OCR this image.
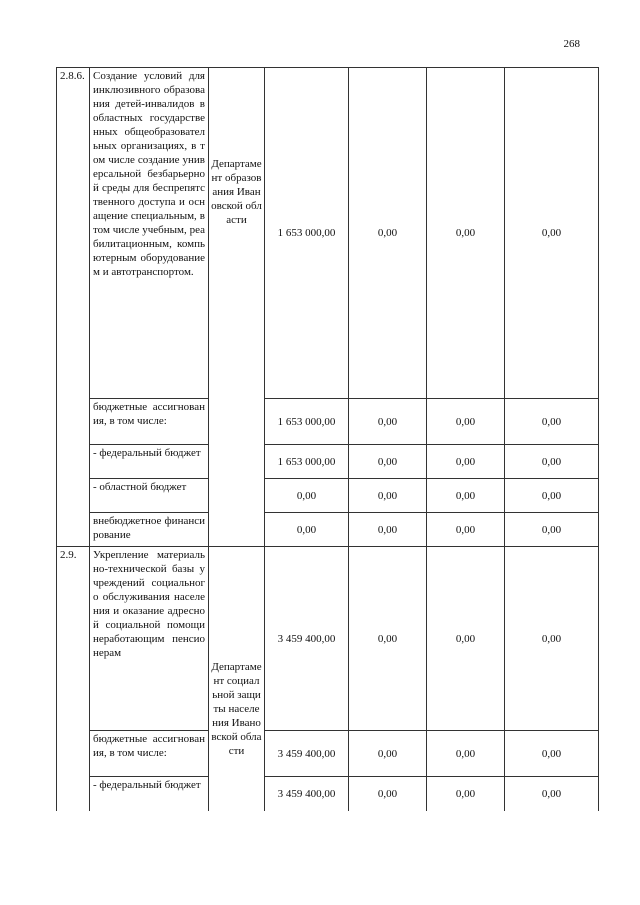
268
2.8.6.	Создание условий для инклюзивного образования детей-инвалидов в областных государственных общеобразовательных организациях, в том числе создание универсальной безбарьерной среды для беспрепятственного доступа и оснащение специальным, в том числе учебным, реабилитационным, компьютерным оборудованием и автотранспортом.	Департамент образования Ивановской области	1 653 000,00	0,00	0,00	0,00

	бюджетные ассигнования, в том числе:		1 653 000,00	0,00	0,00	0,00

	- федеральный бюджет		1 653 000,00	0,00	0,00	0,00

	- областной бюджет		0,00	0,00	0,00	0,00

	внебюджетное финансирование		0,00	0,00	0,00	0,00
2.9.	Укрепление материально-технической базы учреждений социального обслуживания населения и оказание адресной социальной помощи неработающим пенсионерам	Департамент социальной защиты населения Ивановской области	3 459 400,00	0,00	0,00	0,00

	бюджетные ассигнования, в том числе:		3 459 400,00	0,00	0,00	0,00

	- федеральный бюджет		3 459 400,00	0,00	0,00	0,00
